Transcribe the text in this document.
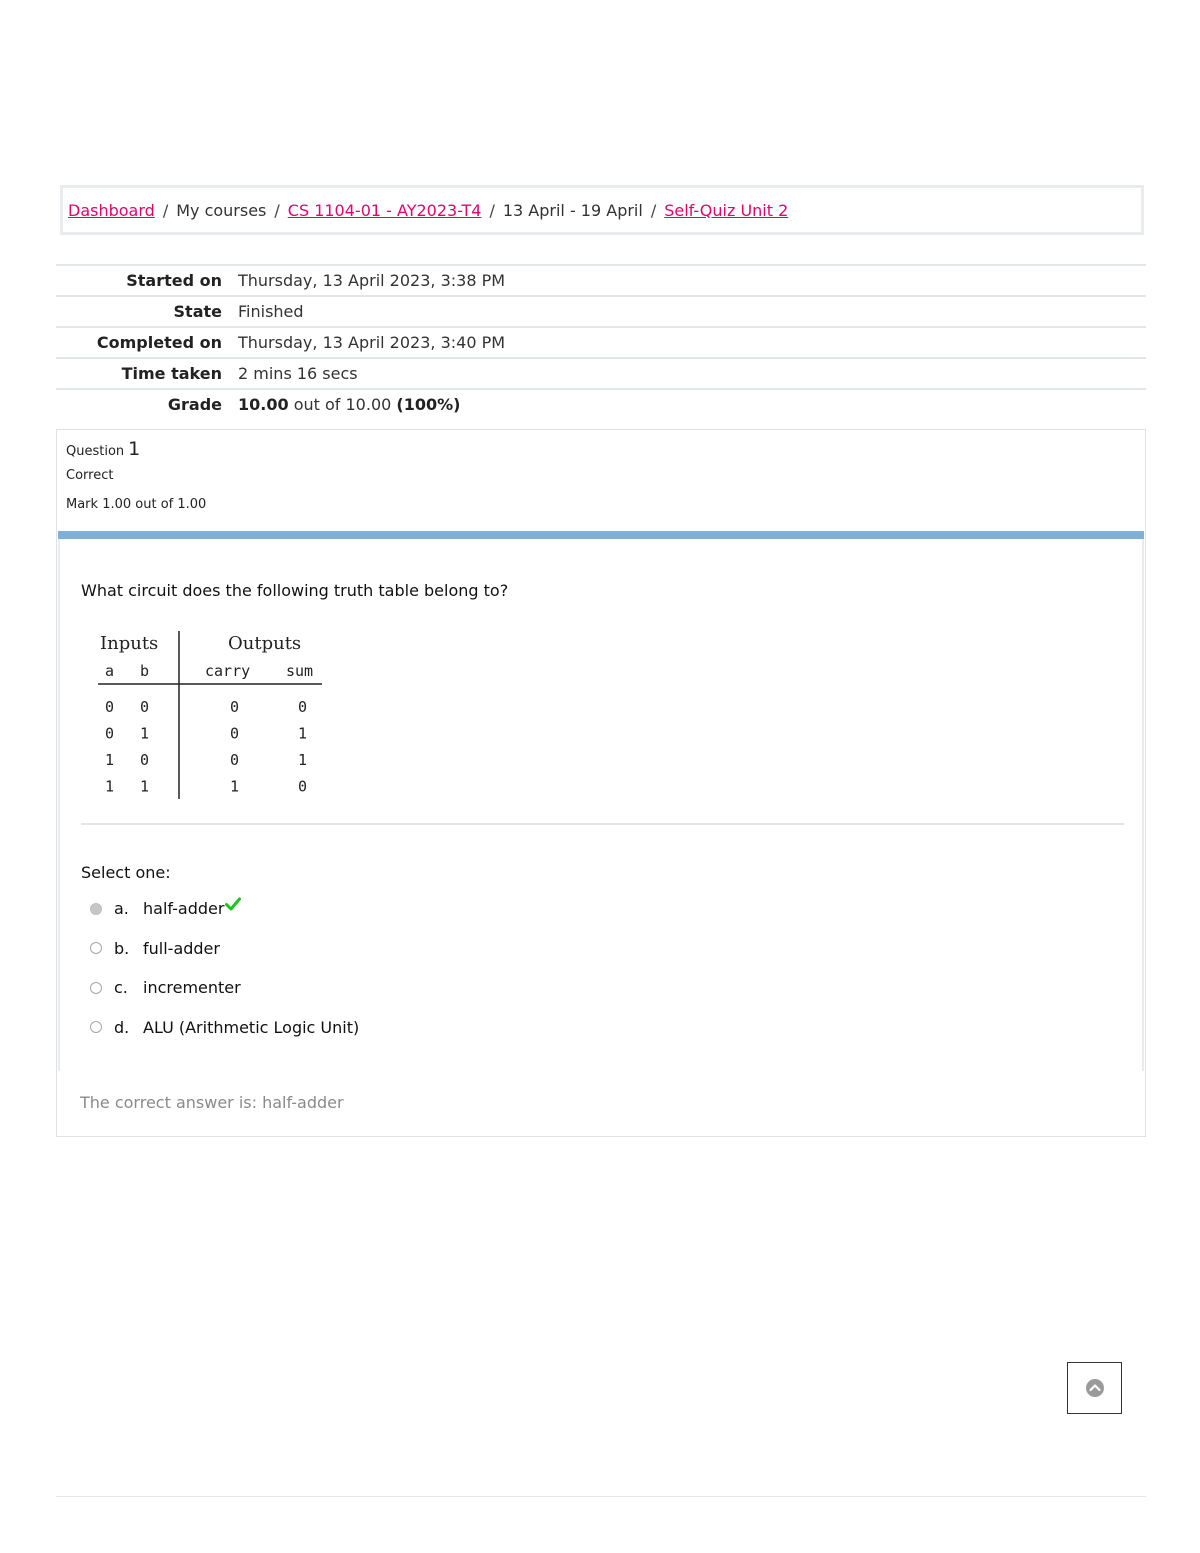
Dashboard / My courses / CS 1104-01 - AY2023-T4 / 13 April - 19 April / Self-Quiz Unit 2
Started on	Thursday, 13 April 2023, 3:38 PM
State	Finished
Completed on	Thursday, 13 April 2023, 3:40 PM
Time taken	2 mins 16 secs
Grade	10.00 out of 10.00 (100%)
Question 1
Correct
Mark 1.00 out of 1.00
What circuit does the following truth table belong to?
Inputs	Outputs
a b	carry sum
0 0	0	0
0 1	0	1
1 0	0	1
1 1	1	0
Select one:
a. half-adder
b. full-adder
c. incrementer
d. ALU (Arithmetic Logic Unit)
The correct answer is: half-adder
